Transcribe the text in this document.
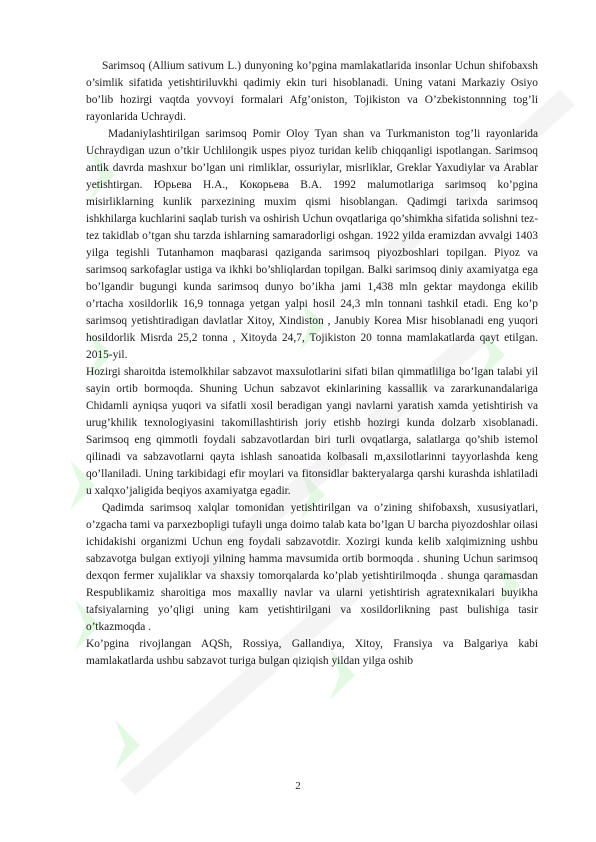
Sarimsoq (Allium sativum L.) dunyoning ko’pgina mamlakatlarida insonlar Uchun shifobaxsh o’simlik sifatida yetishtiriluvkhi qadimiy ekin turi hisoblanadi. Uning vatani Markaziy Osiyo bo’lib hozirgi vaqtda yovvoyi formalari Afg’oniston, Tojikiston va O’zbekistonnning tog’li rayonlarida Uchraydi.

Madaniylashtirilgan sarimsoq Pomir Oloy Tyan shan va Turkmaniston tog’li rayonlarida Uchraydigan uzun o’tkir Uchlilongik uspes piyoz turidan kelib chiqqanligi ispotlangan. Sarimsoq antik davrda mashxur bo’lgan uni rimliklar, ossuriylar, misrliklar, Greklar Yaxudiylar va Arablar yetishtirgan. Юрьева Н.А., Кокорьева В.А. 1992 malumotlariga sarimsoq ko’pgina misirliklarning kunlik parxezining muxim qismi hisoblangan. Qadimgi tarixda sarimsoq ishkhilarga kuchlarini saqlab turish va oshirish Uchun ovqatlariga qo’shimkha sifatida solishni tez- tez takidlab o’tgan shu tarzda ishlarning samaradorligi oshgan. 1922 yilda eramizdan avvalgi 1403 yilga tegishli Tutanhamon maqbarasi qaziganda sarimsoq piyozboshlari topilgan. Piyoz va sarimsoq sarkofaglar ustiga va ikhki bo’shliqlardan topilgan. Balki sarimsoq diniy axamiyatga ega bo’lgandir bugungi kunda sarimsoq dunyo bo’ikha jami 1,438 mln gektar maydonga ekilib o’rtacha xosildorlik 16,9 tonnaga yetgan yalpi hosil 24,3 mln tonnani tashkil etadi. Eng ko’p sarimsoq yetishtiradigan davlatlar Xitoy, Xindiston , Janubiy Korea Misr hisoblanadi eng yuqori hosildorlik Misrda 25,2 tonna , Xitoyda 24,7, Tojikiston 20 tonna mamlakatlarda qayt etilgan. 2015-yil.

Hozirgi sharoitda istemolkhilar sabzavot maxsulotlarini sifati bilan qimmatliliga bo’lgan talabi yil sayin ortib bormoqda. Shuning Uchun sabzavot ekinlarining kassallik va zararkunandalariga Chidamli ayniqsa yuqori va sifatli xosil beradigan yangi navlarni yaratish xamda yetishtirish va urug’khilik texnologiyasini takomillashtirish joriy etishb hozirgi kunda dolzarb xisoblanadi. Sarimsoq eng qimmotli foydali sabzavotlardan biri turli ovqatlarga, salatlarga qo’shib istemol qilinadi va sabzavotlarni qayta ishlash sanoatida kolbasali m,axsilotlarinni tayyorlashda keng qo’llaniladi. Uning tarkibidagi efir moylari va fitonsidlar bakteryalarga qarshi kurashda ishlatiladi u xalqxo’jaligida beqiyos axamiyatga egadir.

Qadimda sarimsoq xalqlar tomonidan yetishtirilgan va o’zining shifobaxsh, xususiyatlari, o’zgacha tami va parxezbopligi tufayli unga doimo talab kata bo’lgan U barcha piyozdoshlar oilasi ichidakishi organizmi Uchun eng foydali sabzavotdir. Xozirgi kunda kelib xalqimizning ushbu sabzavotga bulgan extiyoji yilning hamma mavsumida ortib bormoqda . shuning Uchun sarimsoq dexqon fermer xujaliklar va shaxsiy tomorqalarda ko’plab yetishtirilmoqda . shunga qaramasdan Respublikamiz sharoitiga mos maxalliy navlar va ularni yetishtirish agratexnikalari buyikha tafsiyalarning yo’qligi uning kam yetishtirilgani va xosildorlikning past bulishiga tasir o’tkazmoqda .

Ko’pgina rivojlangan AQSh, Rossiya, Gallandiya, Xitoy, Fransiya va Balgariya kabi mamlakatlarda ushbu sabzavot turiga bulgan qiziqish yildan yilga oshib

2
